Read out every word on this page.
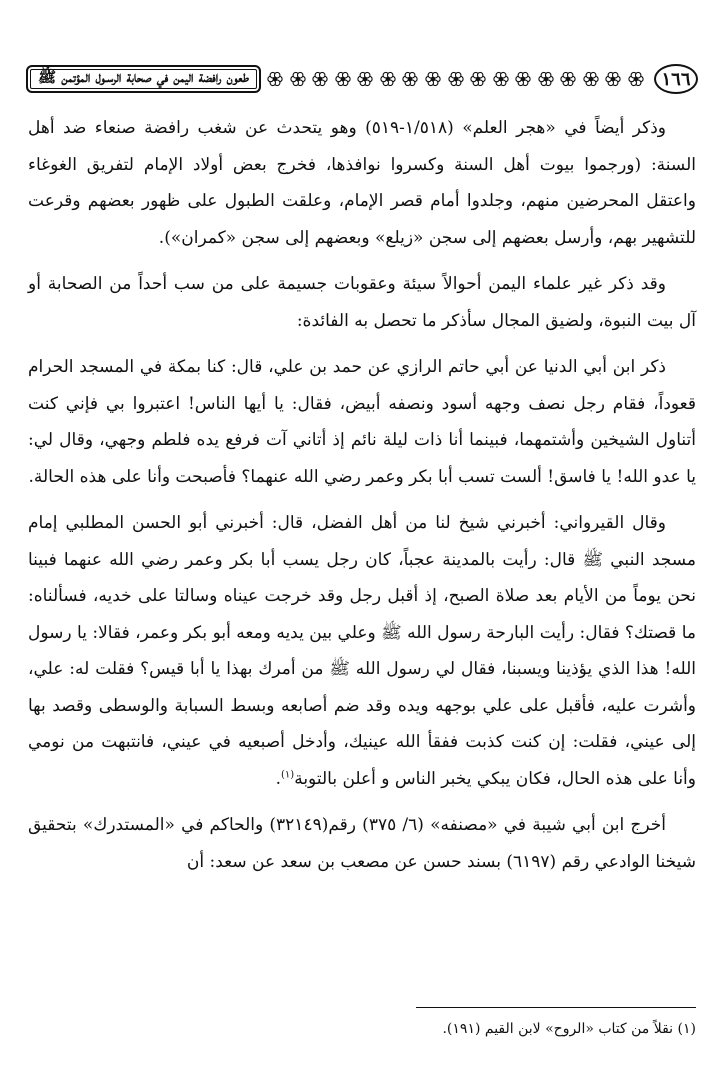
١٦٦
طعون رافضة اليمن في صحابة الرسـول المؤتمن ﷺ

وذكر أيضاً في «هجر العلم» (١/٥١٨-٥١٩) وهو يتحدث عن شغب رافضة صنعاء ضد أهل السنة: (ورجموا بيوت أهل السنة وكسروا نوافذها، فخرج بعض أولاد الإمام لتفريق الغوغاء واعتقل المحرضين منهم، وجلدوا أمام قصر الإمام، وعلقت الطبول على ظهور بعضهم وقرعت للتشهير بهم، وأرسل بعضهم إلى سجن «زيلع» وبعضهم إلى سجن «كمران»).

وقد ذكر غير علماء اليمن أحوالاً سيئة وعقوبات جسيمة على من سب أحداً من الصحابة أو آل بيت النبوة، ولضيق المجال سأذكر ما تحصل به الفائدة:

ذكر ابن أبي الدنيا عن أبي حاتم الرازي عن حمد بن علي، قال: كنا بمكة في المسجد الحرام قعوداً، فقام رجل نصف وجهه أسود ونصفه أبيض، فقال: يا أيها الناس! اعتبروا بي فإني كنت أتناول الشيخين وأشتمهما، فبينما أنا ذات ليلة نائم إذ أتاني آت فرفع يده فلطم وجهي، وقال لي: يا عدو الله! يا فاسق! ألست تسب أبا بكر وعمر رضي الله عنهما؟ فأصبحت وأنا على هذه الحالة.

وقال القيرواني: أخبرني شيخ لنا من أهل الفضل، قال: أخبرني أبو الحسن المطلبي إمام مسجد النبي ﷺ قال: رأيت بالمدينة عجباً، كان رجل يسب أبا بكر وعمر رضي الله عنهما فبينا نحن يوماً من الأيام بعد صلاة الصبح، إذ أقبل رجل وقد خرجت عيناه وسالتا على خديه، فسألناه: ما قصتك؟ فقال: رأيت البارحة رسول الله ﷺ وعلي بين يديه ومعه أبو بكر وعمر، فقالا: يا رسول الله! هذا الذي يؤذينا ويسبنا، فقال لي رسول الله ﷺ من أمرك بهذا يا أبا قيس؟ فقلت له: علي، وأشرت عليه، فأقبل على علي بوجهه ويده وقد ضم أصابعه وبسط السبابة والوسطى وقصد بها إلى عيني، فقلت: إن كنت كذبت ففقأ الله عينيك، وأدخل أصبعيه في عيني، فانتبهت من نومي وأنا على هذه الحال، فكان يبكي يخبر الناس و أعلن بالتوبة$^{(١)}$.

أخرج ابن أبي شيبة في «مصنفه» (٦/ ٣٧٥) رقم(٣٢١٤٩) والحاكم في «المستدرك» بتحقيق شيخنا الوادعي رقم (٦١٩٧) بسند حسن عن مصعب بن سعد عن سعد: أن

(١) نقلاً من كتاب «الروح» لابن القيم (١٩١).
